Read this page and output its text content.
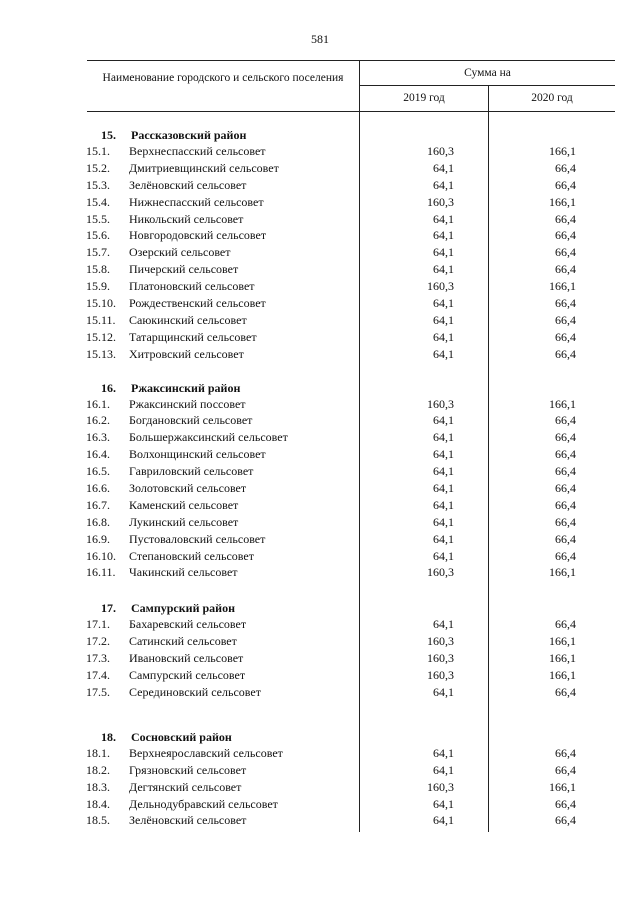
581
Наименование городского и сельского поселения	Сумма на
2019 год	2020 год
15. Рассказовский район
15.1.	Верхнеспасский сельсовет	160,3	166,1
15.2.	Дмитриевщинский сельсовет	64,1	66,4
15.3.	Зелёновский сельсовет	64,1	66,4
15.4.	Нижнеспасский сельсовет	160,3	166,1
15.5.	Никольский сельсовет	64,1	66,4
15.6.	Новгородовский сельсовет	64,1	66,4
15.7.	Озерский сельсовет	64,1	66,4
15.8.	Пичерский сельсовет	64,1	66,4
15.9.	Платоновский сельсовет	160,3	166,1
15.10.	Рождественский сельсовет	64,1	66,4
15.11.	Саюкинский сельсовет	64,1	66,4
15.12.	Татарщинский сельсовет	64,1	66,4
15.13.	Хитровский сельсовет	64,1	66,4
16. Ржаксинский район
16.1.	Ржаксинский поссовет	160,3	166,1
16.2.	Богдановский сельсовет	64,1	66,4
16.3.	Большержаксинский сельсовет	64,1	66,4
16.4.	Волхонщинский сельсовет	64,1	66,4
16.5.	Гавриловский сельсовет	64,1	66,4
16.6.	Золотовский сельсовет	64,1	66,4
16.7.	Каменский сельсовет	64,1	66,4
16.8.	Лукинский сельсовет	64,1	66,4
16.9.	Пустоваловский сельсовет	64,1	66,4
16.10.	Степановский сельсовет	64,1	66,4
16.11.	Чакинский сельсовет	160,3	166,1
17. Сампурский район
17.1.	Бахаревский сельсовет	64,1	66,4
17.2.	Сатинский сельсовет	160,3	166,1
17.3.	Ивановский сельсовет	160,3	166,1
17.4.	Сампурский сельсовет	160,3	166,1
17.5.	Серединовский сельсовет	64,1	66,4
18. Сосновский район
18.1.	Верхнеярославский сельсовет	64,1	66,4
18.2.	Грязновский сельсовет	64,1	66,4
18.3.	Дегтянский сельсовет	160,3	166,1
18.4.	Дельнодубравский сельсовет	64,1	66,4
18.5.	Зелёновский сельсовет	64,1	66,4
